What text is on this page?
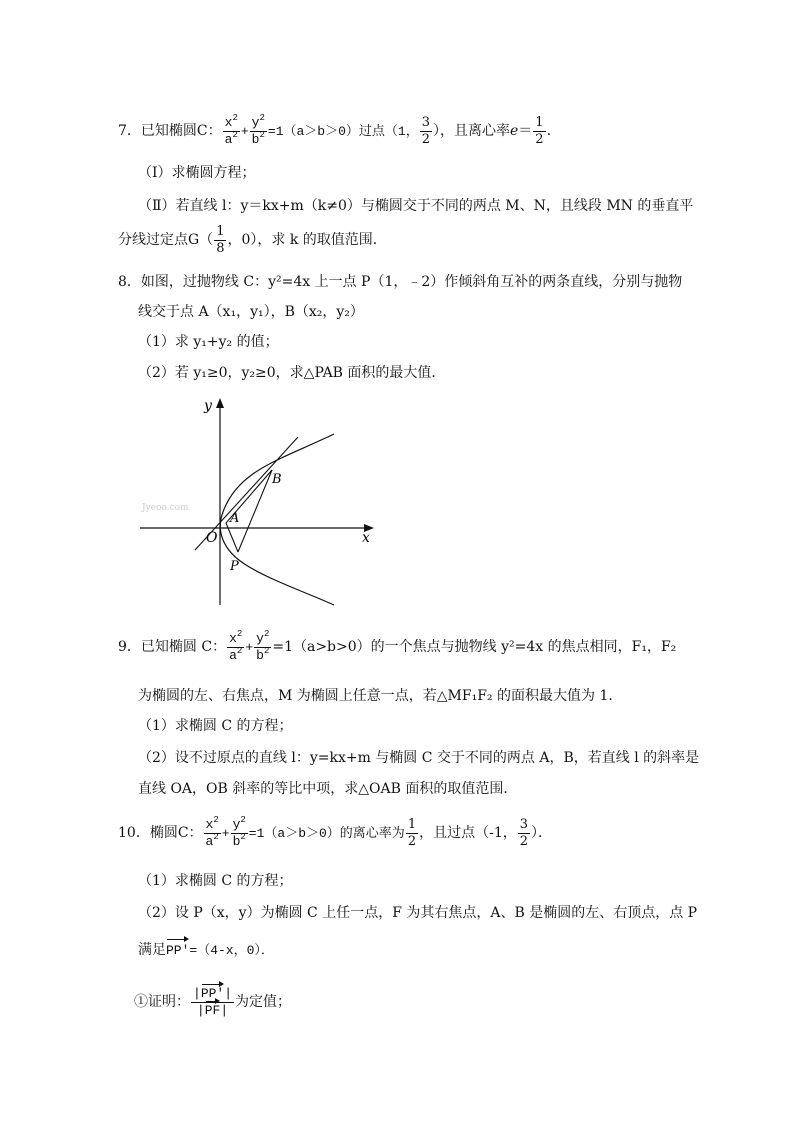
7．已知椭圆C： $\frac{x^2}{a^2} + \frac{y^2}{b^2} =1(a>b>0)$过点（1， $\frac{3}{2}$ ），且离心率$e= \frac{1}{2}$ .
（Ⅰ）求椭圆方程；
（Ⅱ）若直线 l：y＝kx+m（k≠0）与椭圆交于不同的两点 M、N，且线段 MN 的垂直平
分线过定点$G( \frac{1}{8}$ ，0），求 k 的取值范围．
8．如图，过抛物线 C：y²=4x 上一点 P（1，﹣2）作倾斜角互补的两条直线，分别与抛物
线交于点 A（x₁，y₁），B（x₂，y₂）
（1）求 y₁+y₂ 的值；
（2）若 y₁≥0，y₂≥0，求△PAB 面积的最大值．
Jyeoo.com
y
x
O
A
B
P
9．已知椭圆 C： $\frac{x^2}{a^2} + \frac{y^2}{b^2} =1(a>b>0)$的一个焦点与抛物线 y²=4x 的焦点相同，F₁，F₂
为椭圆的左、右焦点，M 为椭圆上任意一点，若△MF₁F₂ 的面积最大值为 1．
（1）求椭圆 C 的方程；
（2）设不过原点的直线 l：y=kx+m 与椭圆 C 交于不同的两点 A，B，若直线 l 的斜率是
直线 OA，OB 斜率的等比中项，求△OAB 面积的取值范围．
10．椭圆C： $\frac{x^2}{a^2} + \frac{y^2}{b^2} =1(a>b>0)$的离心率为 $\frac{1}{2}$ ，且过点（-1， $\frac{3}{2}$ ）．
（1）求椭圆 C 的方程；
（2）设 P（x，y）为椭圆 C 上任一点，F 为其右焦点，A、B 是椭圆的左、右顶点，点 P
满足PP′=（4-x，0）．
①证明： $\frac{|PP'|}{|PF|}$ 为定值；
